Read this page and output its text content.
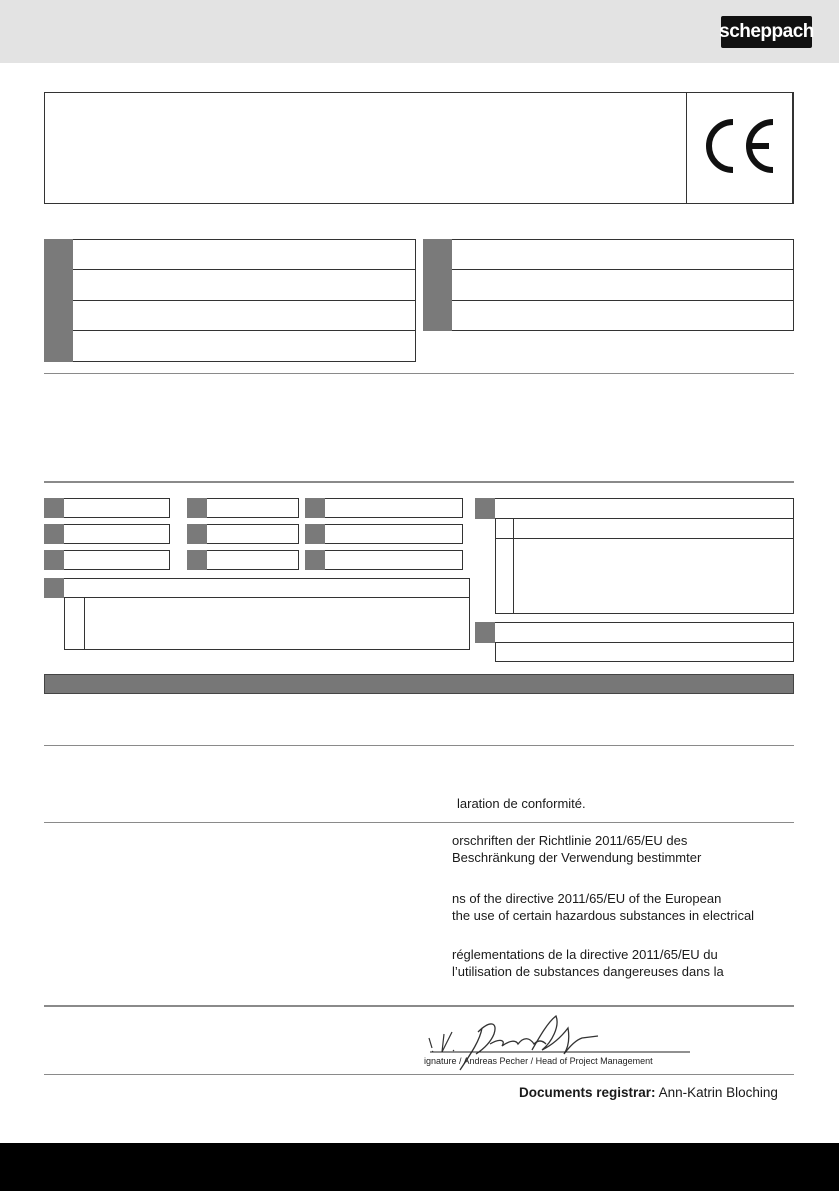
scheppach
laration de conformité.
orschriften der Richtlinie 2011/65/EU des
Beschränkung der Verwendung bestimmter
ns of the directive 2011/65/EU of the European
the use of certain hazardous substances in electrical
réglementations de la directive 2011/65/EU du
l’utilisation de substances dangereuses dans la
ignature / Andreas Pecher / Head of Project Management
Documents registrar: Ann-Katrin Bloching
